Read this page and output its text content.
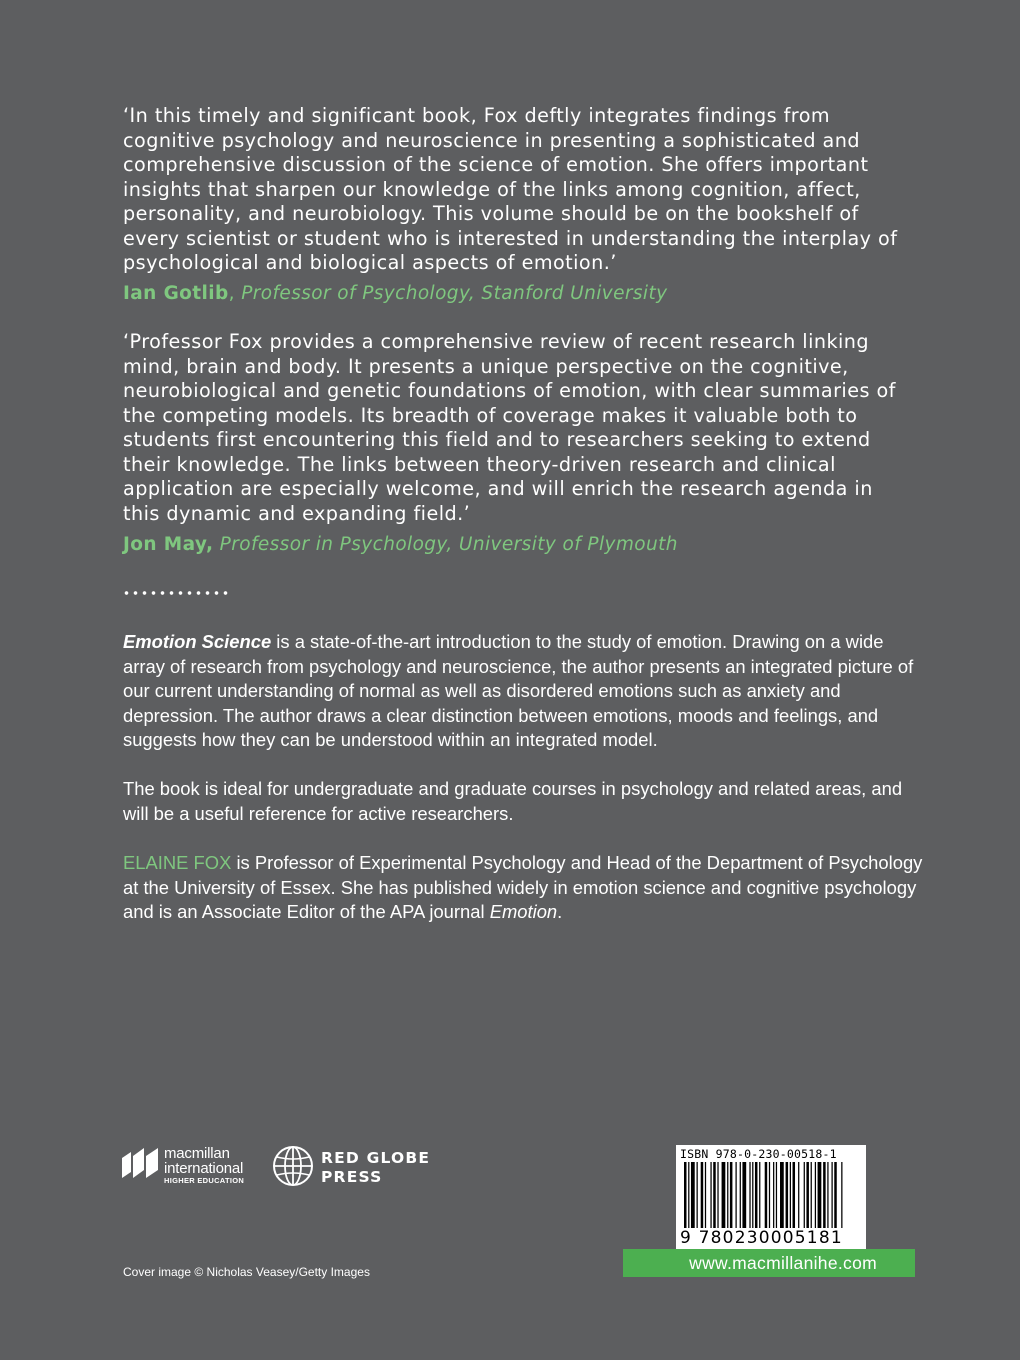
‘In this timely and significant book, Fox deftly integrates findings from cognitive psychology and neuroscience in presenting a sophisticated and comprehensive discussion of the science of emotion. She offers important insights that sharpen our knowledge of the links among cognition, affect, personality, and neurobiology. This volume should be on the bookshelf of every scientist or student who is interested in understanding the interplay of psychological and biological aspects of emotion.’

Ian Gotlib, Professor of Psychology, Stanford University

‘Professor Fox provides a comprehensive review of recent research linking mind, brain and body. It presents a unique perspective on the cognitive, neurobiological and genetic foundations of emotion, with clear summaries of the competing models. Its breadth of coverage makes it valuable both to students first encountering this field and to researchers seeking to extend their knowledge. The links between theory-driven research and clinical application are especially welcome, and will enrich the research agenda in this dynamic and expanding field.’

Jon May, Professor in Psychology, University of Plymouth

Emotion Science is a state-of-the-art introduction to the study of emotion. Drawing on a wide array of research from psychology and neuroscience, the author presents an integrated picture of our current understanding of normal as well as disordered emotions such as anxiety and depression. The author draws a clear distinction between emotions, moods and feelings, and suggests how they can be understood within an integrated model.

The book is ideal for undergraduate and graduate courses in psychology and related areas, and will be a useful reference for active researchers.

ELAINE FOX is Professor of Experimental Psychology and Head of the Department of Psychology at the University of Essex. She has published widely in emotion science and cognitive psychology and is an Associate Editor of the APA journal Emotion.

macmillan
international
HIGHER EDUCATION
RED GLOBE
PRESS
ISBN 978-0-230-00518-1
9 780230005181
www.macmillanihe.com
Cover image © Nicholas Veasey/Getty Images
